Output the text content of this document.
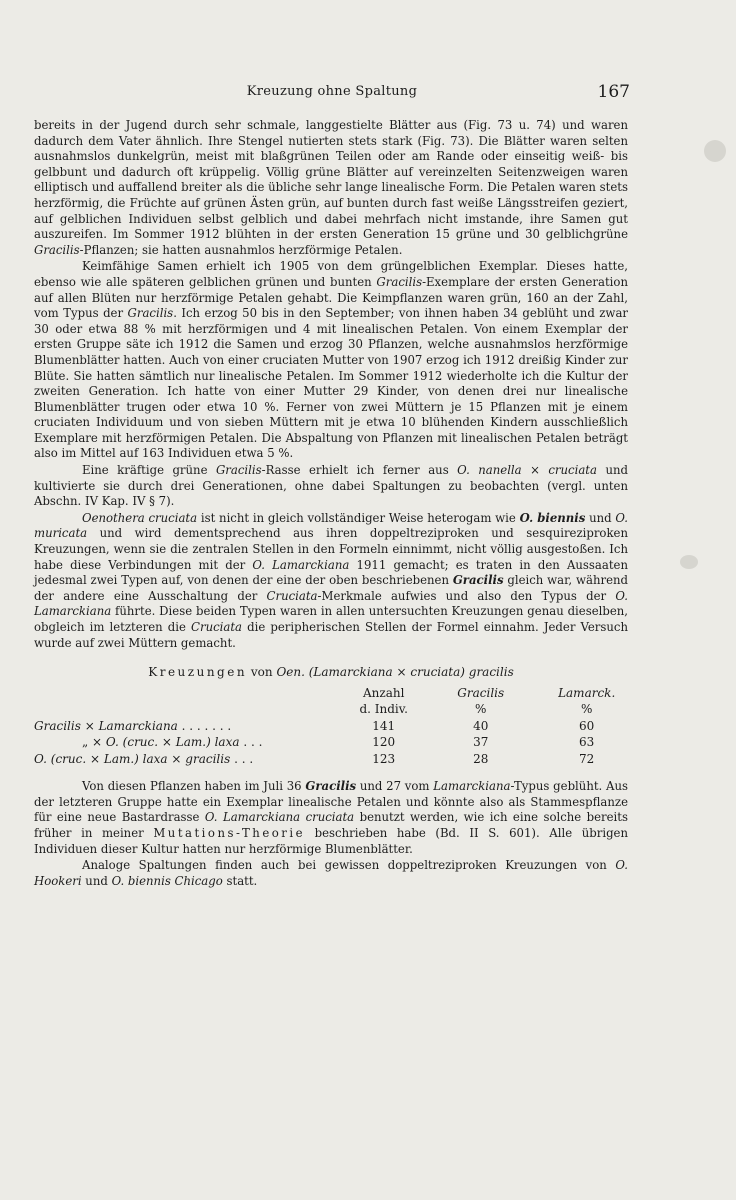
Kreuzung ohne Spaltung	167

bereits in der Jugend durch sehr schmale, langgestielte Blätter aus (Fig. 73 u. 74) und waren dadurch dem Vater ähnlich. Ihre Stengel nutierten stets stark (Fig. 73). Die Blätter waren selten ausnahmslos dunkelgrün, meist mit blaßgrünen Teilen oder am Rande oder einseitig weiß- bis gelbbunt und dadurch oft krüppelig. Völlig grüne Blätter auf vereinzelten Seitenzweigen waren elliptisch und auffallend breiter als die übliche sehr lange linealische Form. Die Petalen waren stets herzförmig, die Früchte auf grünen Ästen grün, auf bunten durch fast weiße Längsstreifen geziert, auf gelblichen Individuen selbst gelblich und dabei mehrfach nicht imstande, ihre Samen gut auszureifen. Im Sommer 1912 blühten in der ersten Generation 15 grüne und 30 gelblichgrüne Gracilis-Pflanzen; sie hatten ausnahmlos herzförmige Petalen.

Keimfähige Samen erhielt ich 1905 von dem grüngelblichen Exemplar. Dieses hatte, ebenso wie alle späteren gelblichen grünen und bunten Gracilis-Exemplare der ersten Generation auf allen Blüten nur herzförmige Petalen gehabt. Die Keimpflanzen waren grün, 160 an der Zahl, vom Typus der Gracilis. Ich erzog 50 bis in den September; von ihnen haben 34 geblüht und zwar 30 oder etwa 88 % mit herzförmigen und 4 mit linealischen Petalen. Von einem Exemplar der ersten Gruppe säte ich 1912 die Samen und erzog 30 Pflanzen, welche ausnahmslos herzförmige Blumenblätter hatten. Auch von einer cruciaten Mutter von 1907 erzog ich 1912 dreißig Kinder zur Blüte. Sie hatten sämtlich nur linealische Petalen. Im Sommer 1912 wiederholte ich die Kultur der zweiten Generation. Ich hatte von einer Mutter 29 Kinder, von denen drei nur linealische Blumenblätter trugen oder etwa 10 %. Ferner von zwei Müttern je 15 Pflanzen mit je einem cruciaten Individuum und von sieben Müttern mit je etwa 10 blühenden Kindern ausschließlich Exemplare mit herzförmigen Petalen. Die Abspaltung von Pflanzen mit linealischen Petalen beträgt also im Mittel auf 163 Individuen etwa 5 %.

Eine kräftige grüne Gracilis-Rasse erhielt ich ferner aus O. nanella × cruciata und kultivierte sie durch drei Generationen, ohne dabei Spaltungen zu beobachten (vergl. unten Abschn. IV Kap. IV § 7).

Oenothera cruciata ist nicht in gleich vollständiger Weise heterogam wie O. biennis und O. muricata und wird dementsprechend aus ihren doppeltreziproken und sesquireziproken Kreuzungen, wenn sie die zentralen Stellen in den Formeln einnimmt, nicht völlig ausgestoßen. Ich habe diese Verbindungen mit der O. Lamarckiana 1911 gemacht; es traten in den Aussaaten jedesmal zwei Typen auf, von denen der eine der oben beschriebenen Gracilis gleich war, während der andere eine Ausschaltung der Cruciata-Merkmale aufwies und also den Typus der O. Lamarckiana führte. Diese beiden Typen waren in allen untersuchten Kreuzungen genau dieselben, obgleich im letzteren die Cruciata die peripherischen Stellen der Formel einnahm. Jeder Versuch wurde auf zwei Müttern gemacht.

Kreuzungen von Oen. (Lamarckiana × cruciata) gracilis
	Anzahl	Gracilis	Lamarck.
	d. Indiv.	%	%
Gracilis × Lamarckiana . . . . . . .	141	40	60
„ × O. (cruc. × Lam.) laxa . . .	120	37	63
O. (cruc. × Lam.) laxa × gracilis . . .	123	28	72

Von diesen Pflanzen haben im Juli 36 Gracilis und 27 vom Lamarckiana-Typus geblüht. Aus der letzteren Gruppe hatte ein Exemplar linealische Petalen und könnte also als Stammespflanze für eine neue Bastardrasse O. Lamarckiana cruciata benutzt werden, wie ich eine solche bereits früher in meiner Mutations-Theorie beschrieben habe (Bd. II S. 601). Alle übrigen Individuen dieser Kultur hatten nur herzförmige Blumenblätter.

Analoge Spaltungen finden auch bei gewissen doppeltreziproken Kreuzungen von O. Hookeri und O. biennis Chicago statt.
